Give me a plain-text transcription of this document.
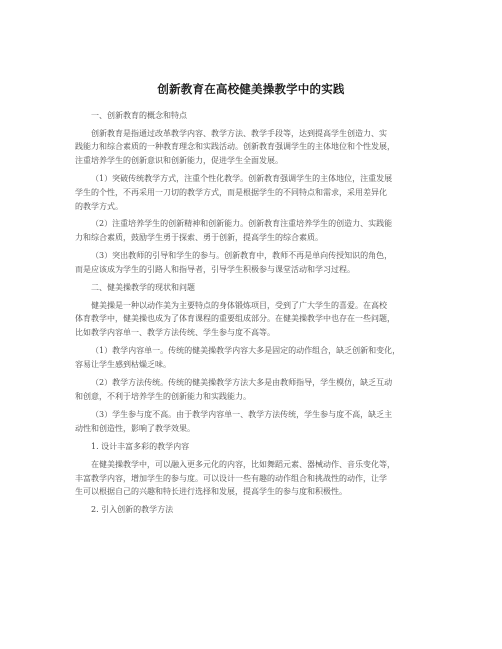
创新教育在高校健美操教学中的实践
一、创新教育的概念和特点
创新教育是指通过改革教学内容、教学方法、教学手段等，达到提高学生创造力、实
践能力和综合素质的一种教育理念和实践活动。创新教育强调学生的主体地位和个性发展，
注重培养学生的创新意识和创新能力，促进学生全面发展。
（1）突破传统教学方式，注重个性化教学。创新教育强调学生的主体地位，注重发展
学生的个性，不再采用一刀切的教学方式，而是根据学生的不同特点和需求，采用差异化
的教学方式。
（2）注重培养学生的创新精神和创新能力。创新教育注重培养学生的创造力、实践能
力和综合素质，鼓励学生勇于探索、勇于创新，提高学生的综合素质。
（3）突出教师的引导和学生的参与。创新教育中，教师不再是单向传授知识的角色，
而是应该成为学生的引路人和指导者，引导学生积极参与课堂活动和学习过程。
二、健美操教学的现状和问题
健美操是一种以动作美为主要特点的身体锻炼项目，受到了广大学生的喜爱。在高校
体育教学中，健美操也成为了体育课程的重要组成部分。在健美操教学中也存在一些问题，
比如教学内容单一、教学方法传统、学生参与度不高等。
（1）教学内容单一。传统的健美操教学内容大多是固定的动作组合，缺乏创新和变化，
容易让学生感到枯燥乏味。
（2）教学方法传统。传统的健美操教学方法大多是由教师指导，学生模仿，缺乏互动
和创意，不利于培养学生的创新能力和实践能力。
（3）学生参与度不高。由于教学内容单一、教学方法传统，学生参与度不高，缺乏主
动性和创造性，影响了教学效果。
1. 设计丰富多彩的教学内容
在健美操教学中，可以融入更多元化的内容，比如舞蹈元素、器械动作、音乐变化等，
丰富教学内容，增加学生的参与度。可以设计一些有趣的动作组合和挑战性的动作，让学
生可以根据自己的兴趣和特长进行选择和发展，提高学生的参与度和积极性。
2. 引入创新的教学方法
